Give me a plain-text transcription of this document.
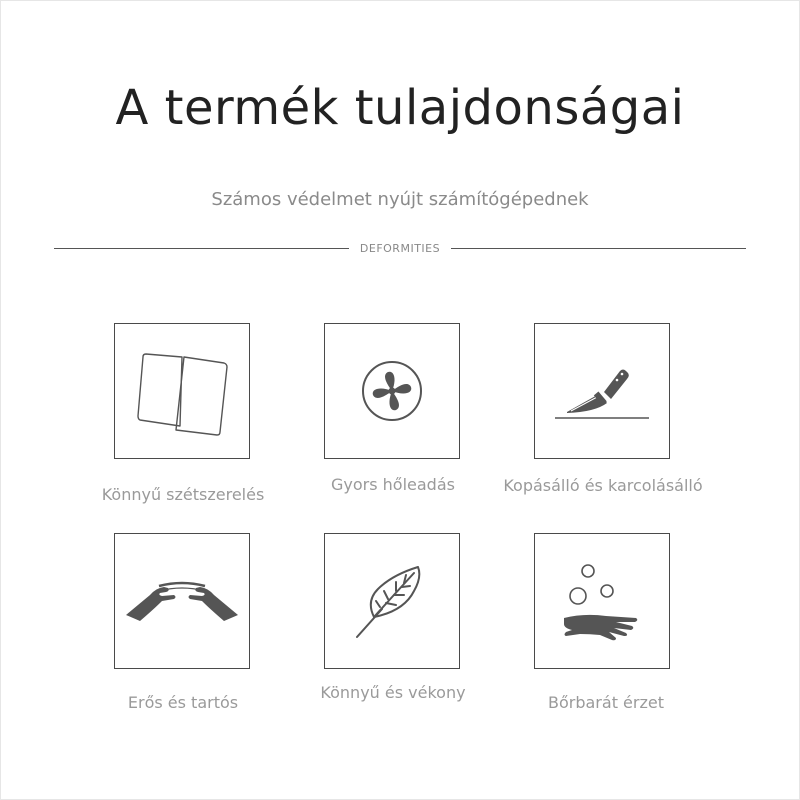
A termék tulajdonságai
Számos védelmet nyújt számítógépednek
DEFORMITIES
Könnyű szétszerelés
Gyors hőleadás	Kopásálló és karcolásálló
Erős és tartós
Könnyű és vékony
Bőrbarát érzet
